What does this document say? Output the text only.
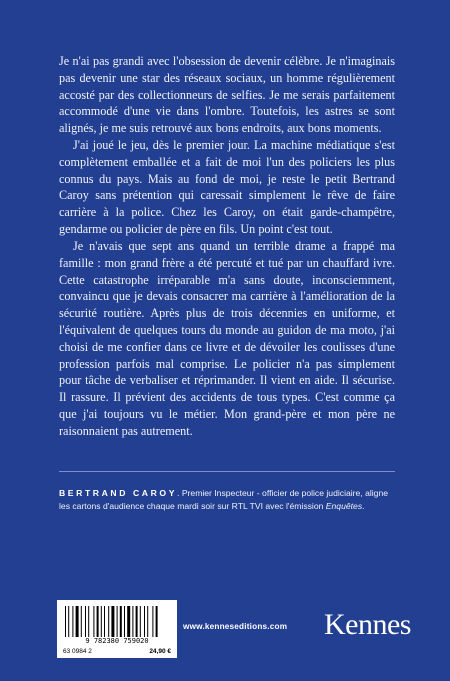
Je n'ai pas grandi avec l'obsession de devenir célèbre. Je n'imaginais pas devenir une star des réseaux sociaux, un homme régulièrement accosté par des collectionneurs de selfies. Je me serais parfaitement accommodé d'une vie dans l'ombre. Toutefois, les astres se sont alignés, je me suis retrouvé aux bons endroits, aux bons moments.

J'ai joué le jeu, dès le premier jour. La machine médiatique s'est complètement emballée et a fait de moi l'un des policiers les plus connus du pays. Mais au fond de moi, je reste le petit Bertrand Caroy sans prétention qui caressait simplement le rêve de faire carrière à la police. Chez les Caroy, on était garde-champêtre, gendarme ou policier de père en fils. Un point c'est tout.

Je n'avais que sept ans quand un terrible drame a frappé ma famille : mon grand frère a été percuté et tué par un chauffard ivre. Cette catastrophe irréparable m'a sans doute, inconsciemment, convaincu que je devais consacrer ma carrière à l'amélioration de la sécurité routière. Après plus de trois décennies en uniforme, et l'équivalent de quelques tours du monde au guidon de ma moto, j'ai choisi de me confier dans ce livre et de dévoiler les coulisses d'une profession parfois mal comprise. Le policier n'a pas simplement pour tâche de verbaliser et réprimander. Il vient en aide. Il sécurise. Il rassure. Il prévient des accidents de tous types. C'est comme ça que j'ai toujours vu le métier. Mon grand-père et mon père ne raisonnaient pas autrement.

BERTRAND CAROY. Premier Inspecteur - officier de police judiciaire, aligne les cartons d'audience chaque mardi soir sur RTL TVI avec l'émission Enquêtes.

9 782380 759020
63 0984 2	24,90 €
www.kenneseditions.com Kennes
